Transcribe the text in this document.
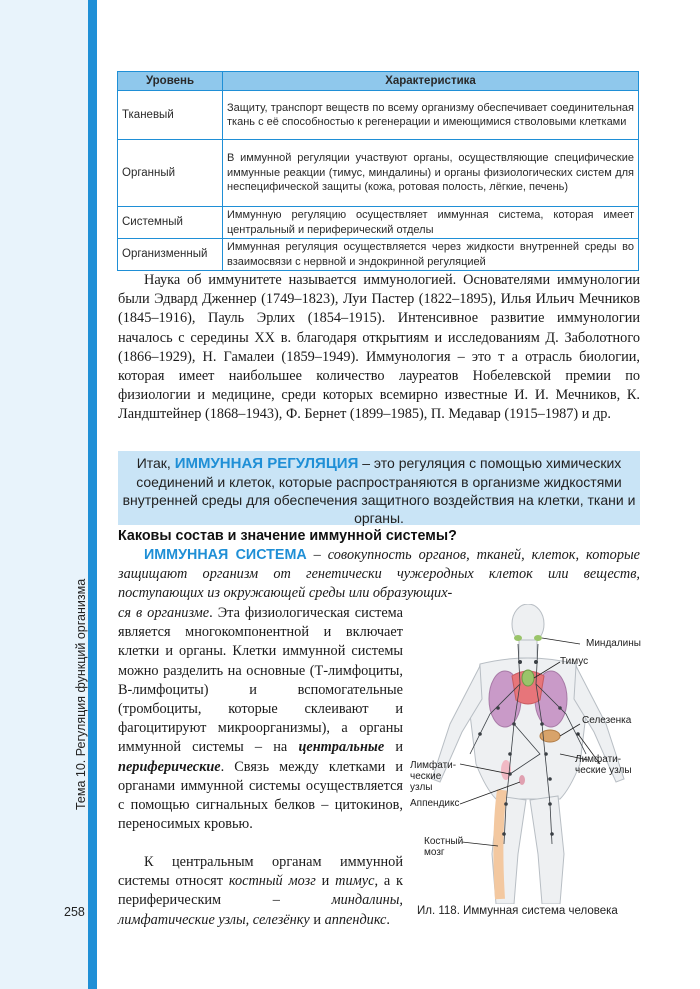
Тема 10. Регуляция функций организма
258
Уровень	Характеристика
Тканевый	Защиту, транспорт веществ по всему организму обеспечивает соединительная ткань с её способностью к регенерации и имеющимися стволовыми клетками
Органный	В иммунной регуляции участвуют органы, осуществляющие специфические иммунные реакции (тимус, миндалины) и органы физиологических систем для неспецифической защиты (кожа, ротовая полость, лёгкие, печень)
Системный	Иммунную регуляцию осуществляет иммунная система, которая имеет центральный и периферический отделы
Организменный	Иммунная регуляция осуществляется через жидкости внутренней среды во взаимосвязи с нервной и эндокринной регуляцией

Наука об иммунитете называется иммунологией. Основателями иммунологии были Эдвард Дженнер (1749–1823), Луи Пастер (1822–1895), Илья Ильич Мечников (1845–1916), Пауль Эрлих (1854–1915). Интенсивное развитие иммунологии началось с середины XX в. благодаря открытиям и исследованиям Д. Заболотного (1866–1929), Н. Гамалеи (1859–1949). Иммунология – это т а отрасль биологии, которая имеет наибольшее количество лауреатов Нобелевской премии по физиологии и медицине, среди которых всемирно известные И. И. Мечников, К. Ландштейнер (1868–1943), Ф. Бернет (1899–1985), П. Медавар (1915–1987) и др.

Итак, ИММУННАЯ РЕГУЛЯЦИЯ – это регуляция с помощью химических соединений и клеток, которые распространяются в организме жидкостями внутренней среды для обеспечения защитного воздействия на клетки, ткани и органы.
Каковы состав и значение иммунной системы?

ИММУННАЯ СИСТЕМА – совокупность органов, тканей, клеток, которые защищают организм от генетически чужеродных клеток или веществ, поступающих из окружающей среды или образующих-

ся в организме. Эта физиологическая система является многокомпонентной и включает клетки и органы. Клетки иммунной системы можно разделить на основные (Т-лимфоциты, В-лимфоциты) и вспомогательные (тромбоциты, которые склеивают и фагоцитируют микроорганизмы), а органы иммунной системы – на центральные и периферические. Связь между клетками и органами иммунной системы осуществляется с помощью сигнальных белков – цитокинов, переносимых кровью.

К центральным органам иммунной системы относят костный мозг и тимус, а к периферическим – миндалины, лимфатические узлы, селезёнку и аппендикс.

Миндалины
Тимус
Селезенка
Лимфати-
ческие узлы
Лимфати-
ческие
узлы
Аппендикс
Костный
мозг
Ил. 118. Иммунная система человека
